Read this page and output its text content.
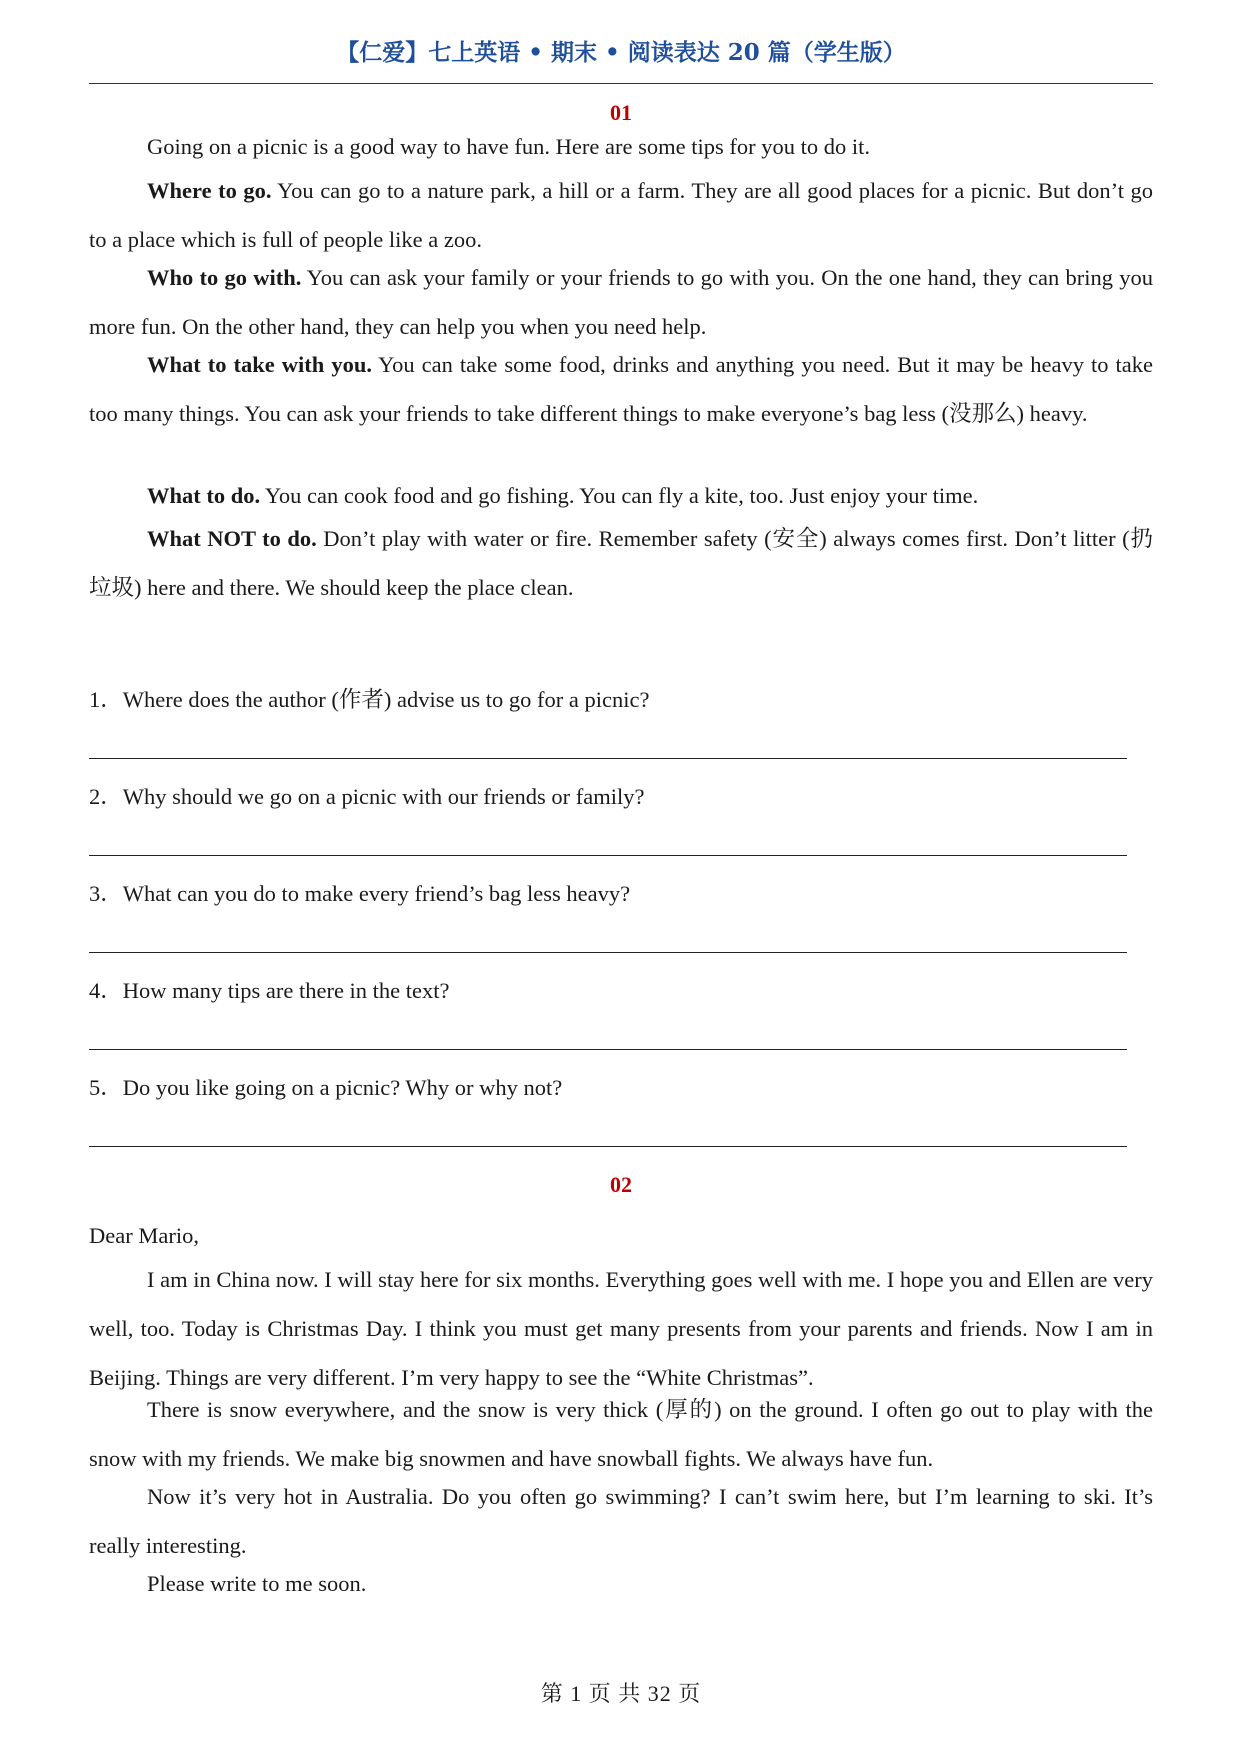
【仁爱】七上英语 • 期末 • 阅读表达 20 篇（学生版）
01
Going on a picnic is a good way to have fun. Here are some tips for you to do it.
Where to go. You can go to a nature park, a hill or a farm. They are all good places for a picnic. But don’t go to a place which is full of people like a zoo.
Who to go with. You can ask your family or your friends to go with you. On the one hand, they can bring you more fun. On the other hand, they can help you when you need help.
What to take with you. You can take some food, drinks and anything you need. But it may be heavy to take too many things. You can ask your friends to take different things to make everyone’s bag less (没那么) heavy.
What to do. You can cook food and go fishing. You can fly a kite, too. Just enjoy your time.
What NOT to do. Don’t play with water or fire. Remember safety (安全) always comes first. Don’t litter (扔垃圾) here and there. We should keep the place clean.
1．Where does the author (作者) advise us to go for a picnic?
2．Why should we go on a picnic with our friends or family?
3．What can you do to make every friend’s bag less heavy?
4．How many tips are there in the text?
5．Do you like going on a picnic? Why or why not?
02
Dear Mario,
I am in China now. I will stay here for six months. Everything goes well with me. I hope you and Ellen are very well, too. Today is Christmas Day. I think you must get many presents from your parents and friends. Now I am in Beijing. Things are very different. I’m very happy to see the “White Christmas”.
There is snow everywhere, and the snow is very thick (厚的) on the ground. I often go out to play with the snow with my friends. We make big snowmen and have snowball fights. We always have fun.
Now it’s very hot in Australia. Do you often go swimming? I can’t swim here, but I’m learning to ski. It’s really interesting.
Please write to me soon.
第 1 页 共 32 页
